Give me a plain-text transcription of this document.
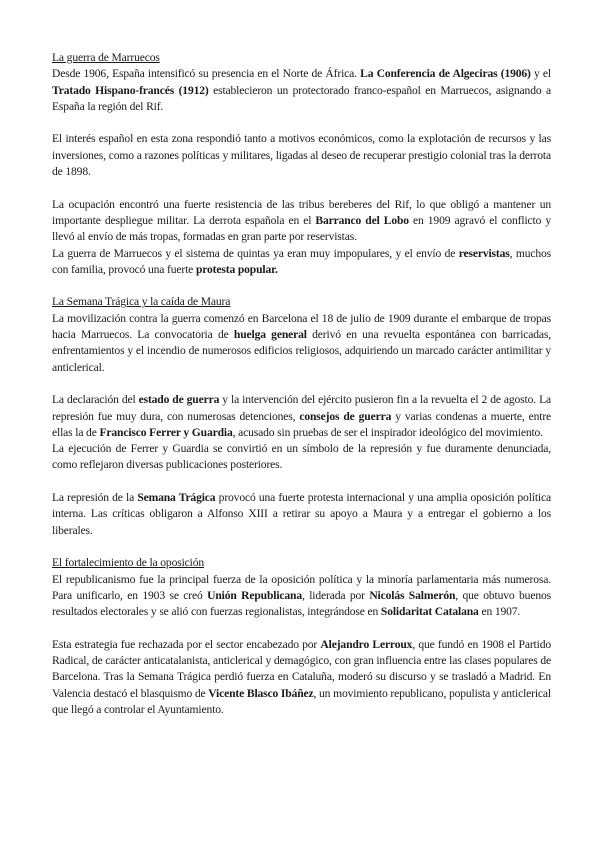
La guerra de Marruecos

Desde 1906, España intensificó su presencia en el Norte de África. La Conferencia de Algeciras (1906) y el Tratado Hispano-francés (1912) establecieron un protectorado franco-español en Marruecos, asignando a España la región del Rif.

El interés español en esta zona respondió tanto a motivos económicos, como la explotación de recursos y las inversiones, como a razones políticas y militares, ligadas al deseo de recuperar prestigio colonial tras la derrota de 1898.

La ocupación encontró una fuerte resistencia de las tribus bereberes del Rif, lo que obligó a mantener un importante despliegue militar. La derrota española en el Barranco del Lobo en 1909 agravó el conflicto y llevó al envío de más tropas, formadas en gran parte por reservistas.

La guerra de Marruecos y el sistema de quintas ya eran muy impopulares, y el envío de reservistas, muchos con familia, provocó una fuerte protesta popular.

La Semana Trágica y la caída de Maura

La movilización contra la guerra comenzó en Barcelona el 18 de julio de 1909 durante el embarque de tropas hacia Marruecos. La convocatoria de huelga general derivó en una revuelta espontánea con barricadas, enfrentamientos y el incendio de numerosos edificios religiosos, adquiriendo un marcado carácter antimilitar y anticlerical.

La declaración del estado de guerra y la intervención del ejército pusieron fin a la revuelta el 2 de agosto. La represión fue muy dura, con numerosas detenciones, consejos de guerra y varias condenas a muerte, entre ellas la de Francisco Ferrer y Guardia, acusado sin pruebas de ser el inspirador ideológico del movimiento.

La ejecución de Ferrer y Guardia se convirtió en un símbolo de la represión y fue duramente denunciada, como reflejaron diversas publicaciones posteriores.

La represión de la Semana Trágica provocó una fuerte protesta internacional y una amplia oposición política interna. Las críticas obligaron a Alfonso XIII a retirar su apoyo a Maura y a entregar el gobierno a los liberales.

El fortalecimiento de la oposición

El republicanismo fue la principal fuerza de la oposición política y la minoría parlamentaria más numerosa. Para unificarlo, en 1903 se creó Unión Republicana, liderada por Nicolás Salmerón, que obtuvo buenos resultados electorales y se alió con fuerzas regionalistas, integrándose en Solidaritat Catalana en 1907.

Esta estrategia fue rechazada por el sector encabezado por Alejandro Lerroux, que fundó en 1908 el Partido Radical, de carácter anticatalanista, anticlerical y demagógico, con gran influencia entre las clases populares de Barcelona. Tras la Semana Trágica perdió fuerza en Cataluña, moderó su discurso y se trasladó a Madrid. En Valencia destacó el blasquismo de Vicente Blasco Ibáñez, un movimiento republicano, populista y anticlerical que llegó a controlar el Ayuntamiento.
